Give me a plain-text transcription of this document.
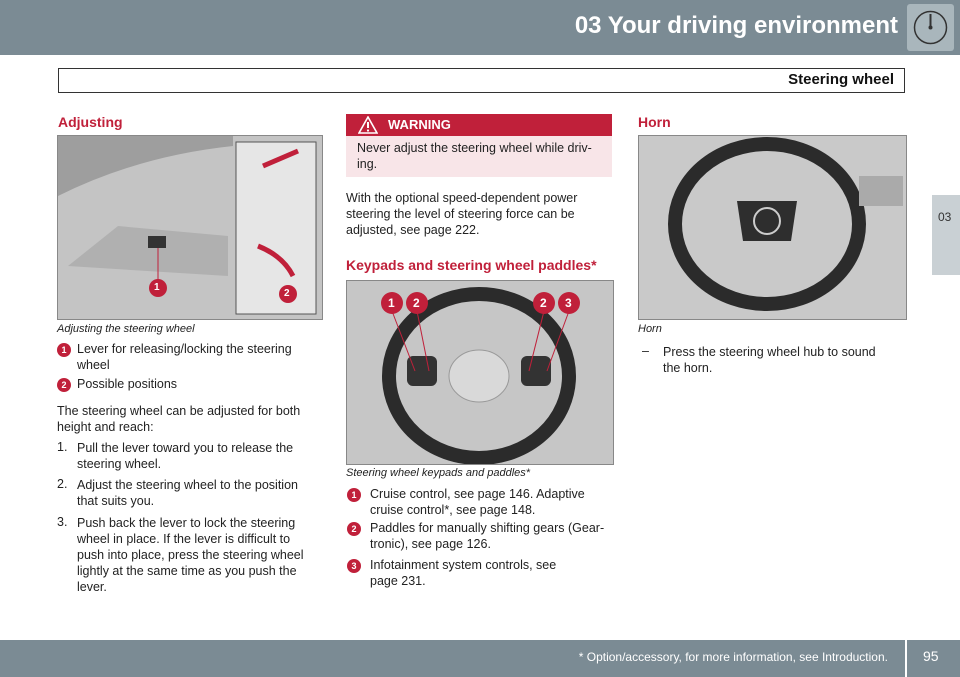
03 Your driving environment
Steering wheel
03
Adjusting
1
2
Adjusting the steering wheel
1 Lever for releasing/locking the steering
wheel
2 Possible positions
The steering wheel can be adjusted for both
height and reach:
1. Pull the lever toward you to release the
steering wheel.
2. Adjust the steering wheel to the position
that suits you.
3. Push back the lever to lock the steering
wheel in place. If the lever is difficult to
push into place, press the steering wheel
lightly at the same time as you push the
lever.
WARNING
Never adjust the steering wheel while driv-
ing.
With the optional speed-dependent power
steering the level of steering force can be
adjusted, see page 222.
Keypads and steering wheel paddles*
1 2	2 3
Steering wheel keypads and paddles*
1	Cruise control, see page 146. Adaptive
cruise control*, see page 148.
2	Paddles for manually shifting gears (Gear-
tronic), see page 126.
3	Infotainment system controls, see
page 231.
Horn
Horn
– Press the steering wheel hub to sound
the horn.
* Option/accessory, for more information, see Introduction.	95
